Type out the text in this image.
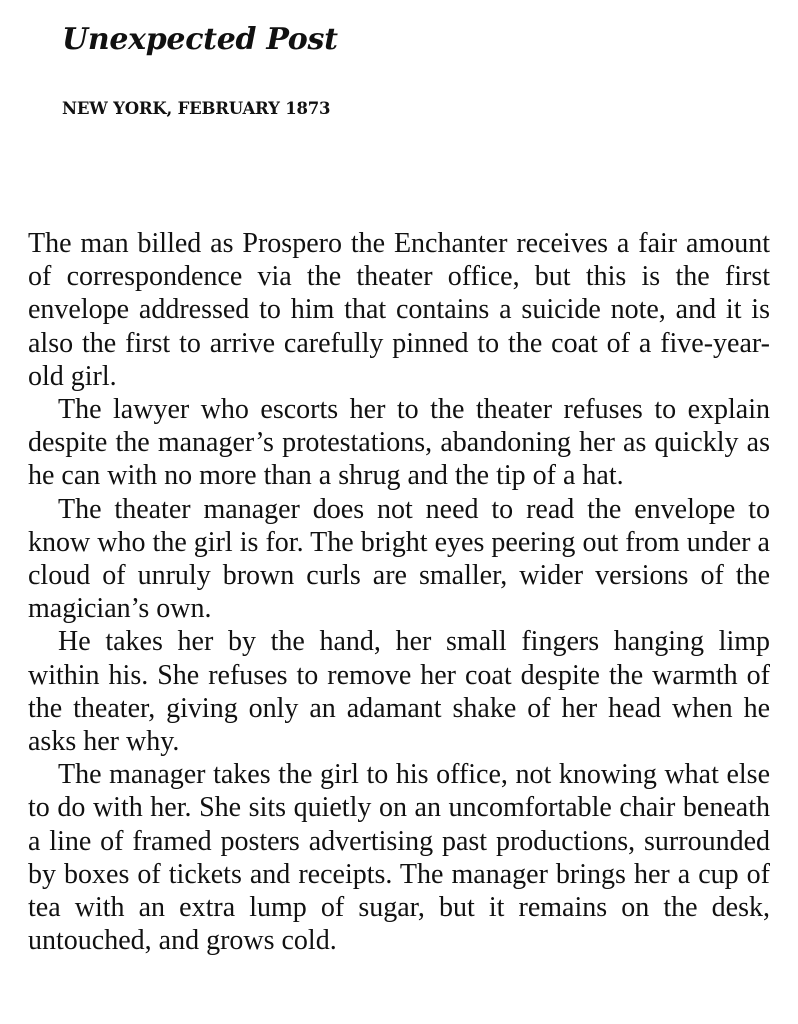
Unexpected Post
NEW YORK, FEBRUARY 1873

The man billed as Prospero the Enchanter receives a fair amount of correspondence via the theater office, but this is the first envelope addressed to him that contains a suicide note, and it is also the first to arrive carefully pinned to the coat of a five-year-old girl.

The lawyer who escorts her to the theater refuses to explain despite the manager’s protestations, abandoning her as quickly as he can with no more than a shrug and the tip of a hat.

The theater manager does not need to read the envelope to know who the girl is for. The bright eyes peering out from under a cloud of unruly brown curls are smaller, wider versions of the magician’s own.

He takes her by the hand, her small fingers hanging limp within his. She refuses to remove her coat despite the warmth of the theater, giving only an adamant shake of her head when he asks her why.

The manager takes the girl to his office, not knowing what else to do with her. She sits quietly on an uncomfortable chair beneath a line of framed posters advertising past productions, surrounded by boxes of tickets and receipts. The manager brings her a cup of tea with an extra lump of sugar, but it remains on the desk, untouched, and grows cold.
